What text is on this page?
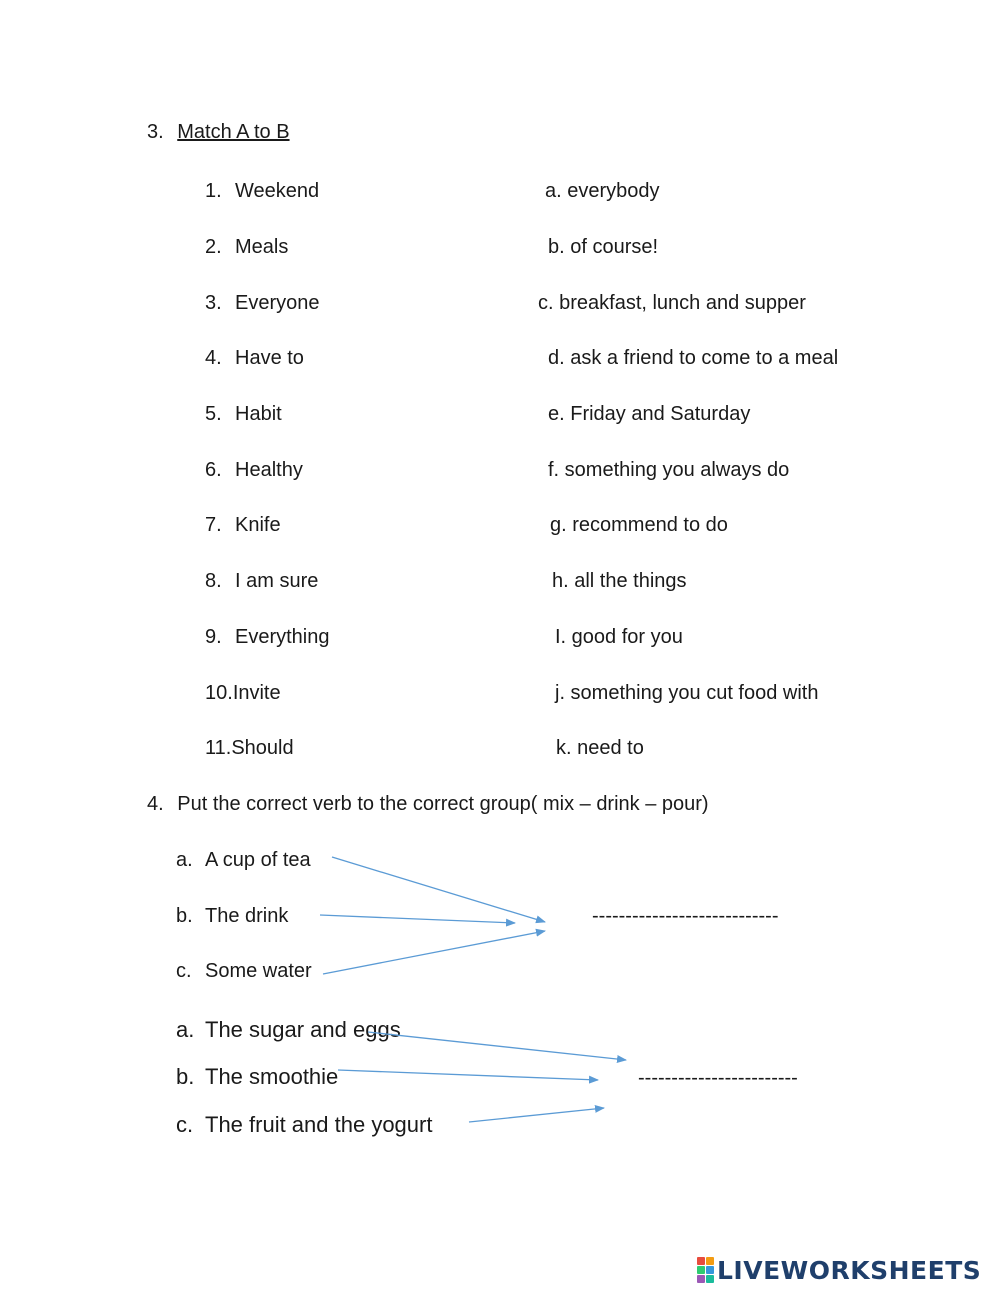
3. Match A to B
1. Weekend
2. Meals
3. Everyone
4. Have to
5. Habit
6. Healthy
7. Knife
8. I am sure
9. Everything
10.Invite
11.Should
a. everybody
b. of course!
c. breakfast, lunch and supper
d. ask a friend to come to a meal
e. Friday and Saturday
f. something you always do
g. recommend to do
h. all the things
I. good for you
j. something you cut food with
k. need to
4. Put the correct verb to the correct group( mix – drink – pour)
a. A cup of tea
b. The drink
c. Some water
----------------------------
a. The sugar and eggs
b. The smoothie
c. The fruit and the yogurt
------------------------
LIVEWORKSHEETS
